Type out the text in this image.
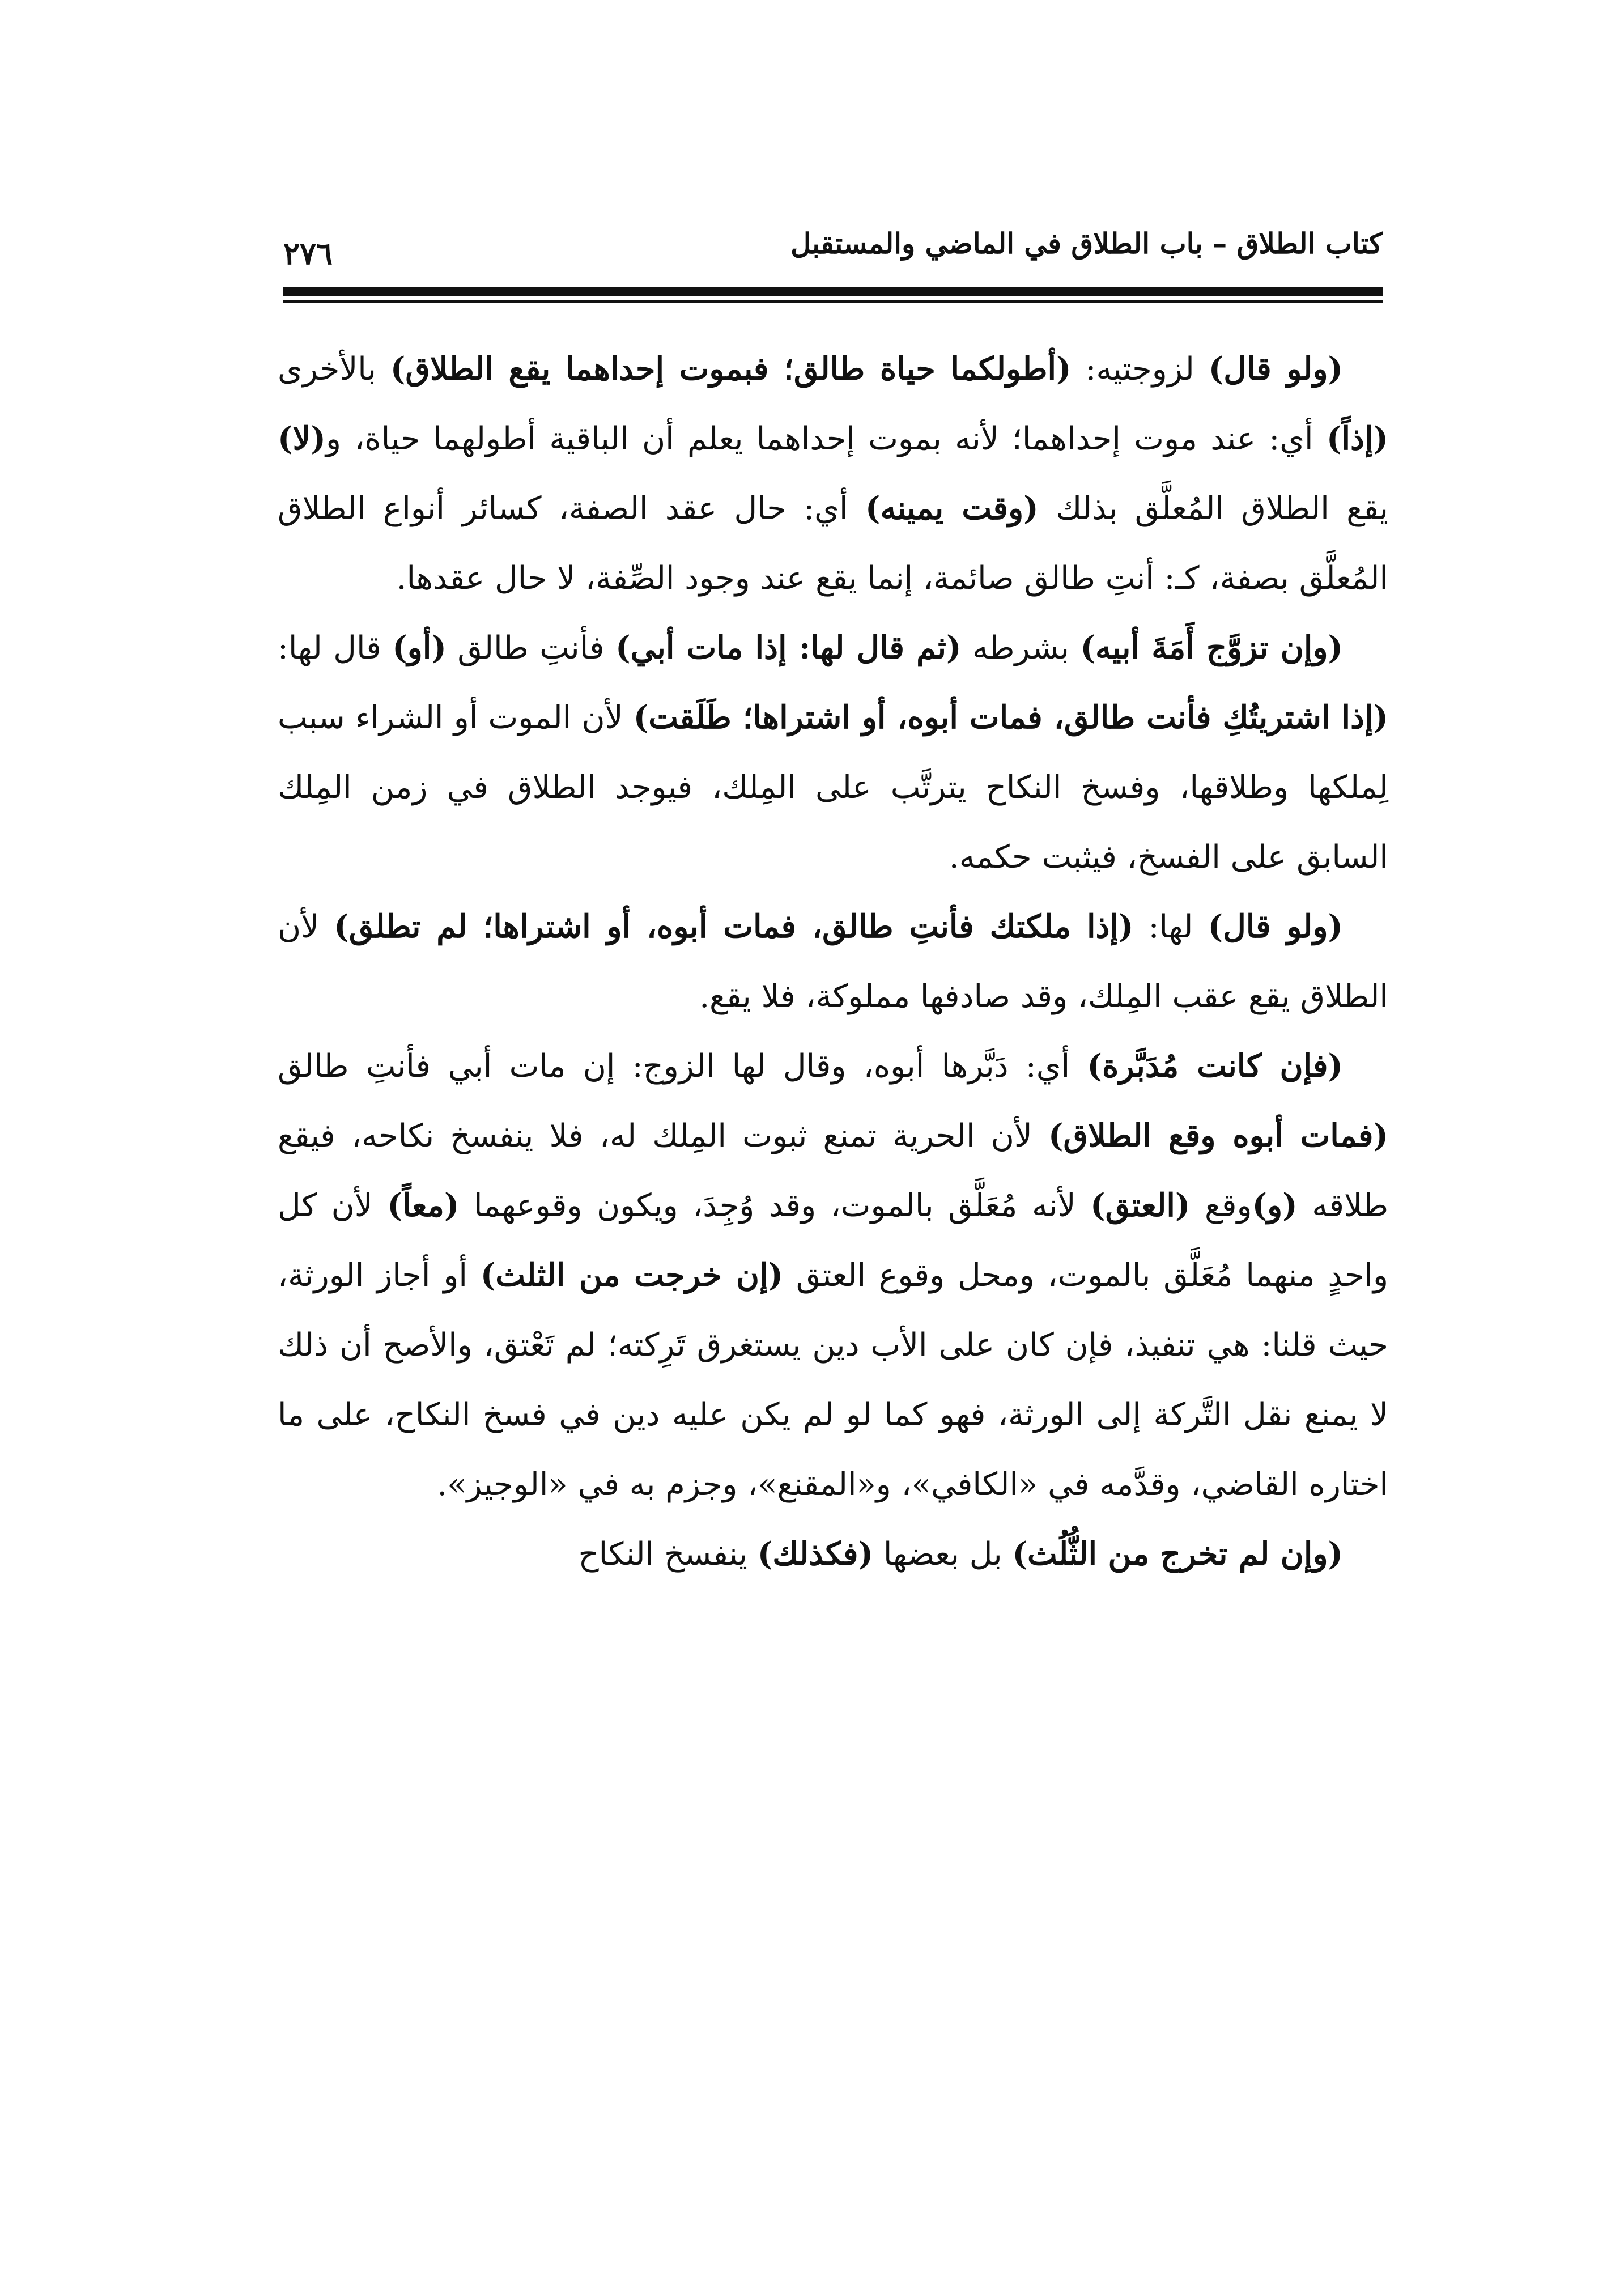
كتاب الطلاق – باب الطلاق في الماضي والمستقبل
٢٧٦

(ولو قال) لزوجتيه: (أطولكما حياة طالق؛ فبموت إحداهما يقع الطلاق) بالأخرى (إذاً) أي: عند موت إحداهما؛ لأنه بموت إحداهما يعلم أن الباقية أطولهما حياة، و(لا) يقع الطلاق المُعلَّق بذلك (وقت يمينه) أي: حال عقد الصفة، كسائر أنواع الطلاق المُعلَّق بصفة، كـ: أنتِ طالق صائمة، إنما يقع عند وجود الصِّفة، لا حال عقدها.

(وإن تزوَّج أَمَةَ أبيه) بشرطه (ثم قال لها: إذا مات أبي) فأنتِ طالق (أو) قال لها: (إذا اشتريتُكِ فأنت طالق، فمات أبوه، أو اشتراها؛ طَلَقت) لأن الموت أو الشراء سبب لِملكها وطلاقها، وفسخ النكاح يترتَّب على المِلك، فيوجد الطلاق في زمن المِلك السابق على الفسخ، فيثبت حكمه.

(ولو قال) لها: (إذا ملكتك فأنتِ طالق، فمات أبوه، أو اشتراها؛ لم تطلق) لأن الطلاق يقع عقب المِلك، وقد صادفها مملوكة، فلا يقع.

(فإن كانت مُدَبَّرة) أي: دَبَّرها أبوه، وقال لها الزوج: إن مات أبي فأنتِ طالق (فمات أبوه وقع الطلاق) لأن الحرية تمنع ثبوت المِلك له، فلا ينفسخ نكاحه، فيقع طلاقه (و)وقع (العتق) لأنه مُعَلَّق بالموت، وقد وُجِدَ، ويكون وقوعهما (معاً) لأن كل واحدٍ منهما مُعَلَّق بالموت، ومحل وقوع العتق (إن خرجت من الثلث) أو أجاز الورثة، حيث قلنا: هي تنفيذ، فإن كان على الأب دين يستغرق تَرِكته؛ لم تَعْتق، والأصح أن ذلك لا يمنع نقل التَّركة إلى الورثة، فهو كما لو لم يكن عليه دين في فسخ النكاح، على ما اختاره القاضي، وقدَّمه في «الكافي»، و«المقنع»، وجزم به في «الوجيز».

(وإن لم تخرج من الثُّلُث) بل بعضها (فكذلك) ينفسخ النكاح
